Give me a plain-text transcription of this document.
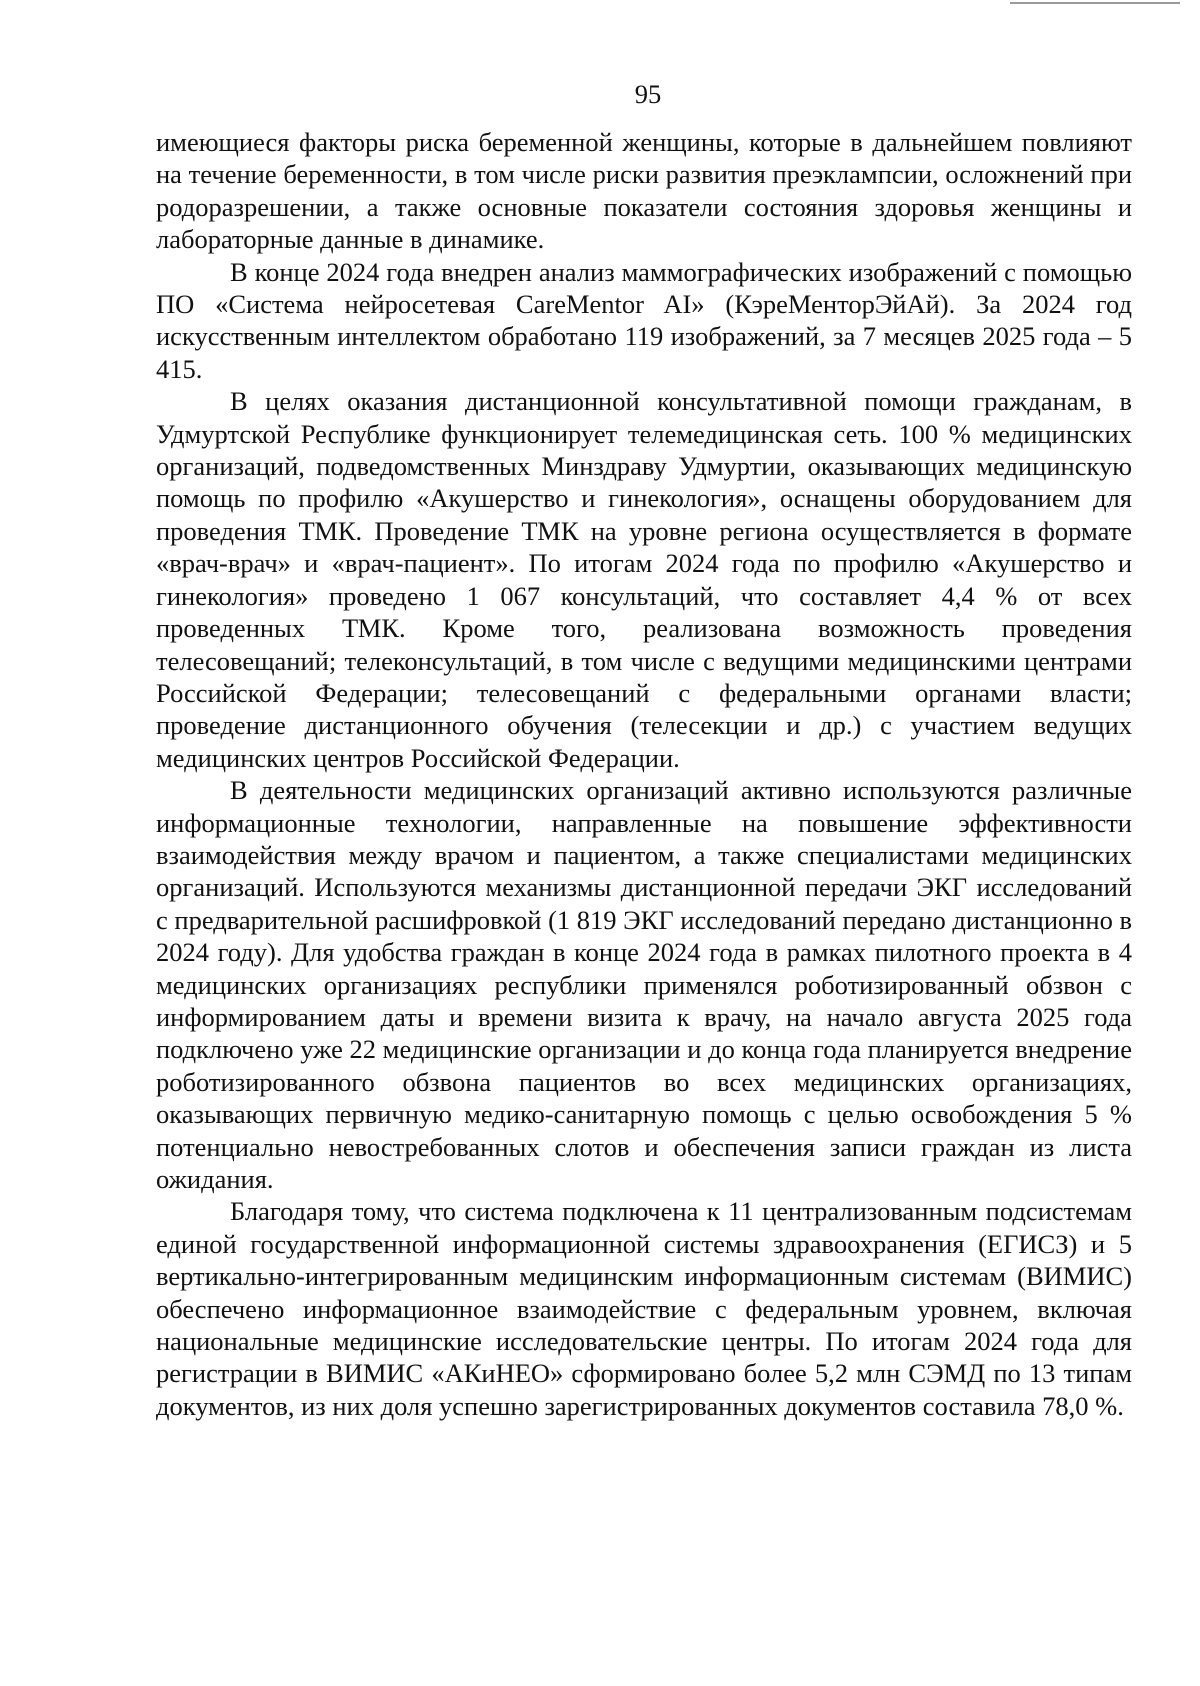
95

имеющиеся факторы риска беременной женщины, которые в дальнейшем повлияют на течение беременности, в том числе риски развития преэклампсии, осложнений при родоразрешении, а также основные показатели состояния здоровья женщины и лабораторные данные в динамике.

В конце 2024 года внедрен анализ маммографических изображений с помощью ПО «Система нейросетевая CareMentor AI» (КэреМенторЭйАй). За 2024 год искусственным интеллектом обработано 119 изображений, за 7 месяцев 2025 года – 5 415.

В целях оказания дистанционной консультативной помощи гражданам, в Удмуртской Республике функционирует телемедицинская сеть. 100 % медицинских организаций, подведомственных Минздраву Удмуртии, оказывающих медицинскую помощь по профилю «Акушерство и гинекология», оснащены оборудованием для проведения ТМК. Проведение ТМК на уровне региона осуществляется в формате «врач-врач» и «врач-пациент». По итогам 2024 года по профилю «Акушерство и гинекология» проведено 1 067 консультаций, что составляет 4,4 % от всех проведенных ТМК. Кроме того, реализована возможность проведения телесовещаний; телеконсультаций, в том числе с ведущими медицинскими центрами Российской Федерации; телесовещаний с федеральными органами власти; проведение дистанционного обучения (телесекции и др.) с участием ведущих медицинских центров Российской Федерации.

В деятельности медицинских организаций активно используются различные информационные технологии, направленные на повышение эффективности взаимодействия между врачом и пациентом, а также специалистами медицинских организаций. Используются механизмы дистанционной передачи ЭКГ исследований с предварительной расшифровкой (1 819 ЭКГ исследований передано дистанционно в 2024 году). Для удобства граждан в конце 2024 года в рамках пилотного проекта в 4 медицинских организациях республики применялся роботизированный обзвон с информированием даты и времени визита к врачу, на начало августа 2025 года подключено уже 22 медицинские организации и до конца года планируется внедрение роботизированного обзвона пациентов во всех медицинских организациях, оказывающих первичную медико-санитарную помощь с целью освобождения 5 % потенциально невостребованных слотов и обеспечения записи граждан из листа ожидания.

Благодаря тому, что система подключена к 11 централизованным подсистемам единой государственной информационной системы здравоохранения (ЕГИСЗ) и 5 вертикально-интегрированным медицинским информационным системам (ВИМИС) обеспечено информационное взаимодействие с федеральным уровнем, включая национальные медицинские исследовательские центры. По итогам 2024 года для регистрации в ВИМИС «АКиНЕО» сформировано более 5,2 млн СЭМД по 13 типам документов, из них доля успешно зарегистрированных документов составила 78,0 %.
